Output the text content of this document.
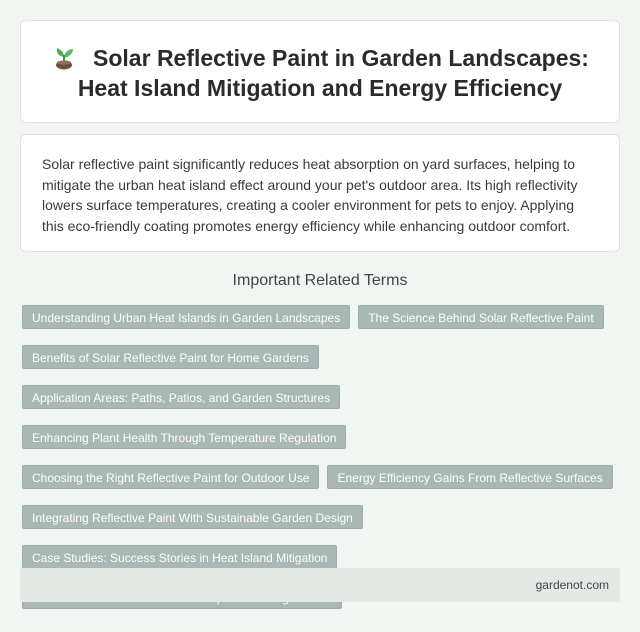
Solar Reflective Paint in Garden Landscapes: Heat Island Mitigation and Energy Efficiency

Solar reflective paint significantly reduces heat absorption on yard surfaces, helping to mitigate the urban heat island effect around your pet's outdoor area. Its high reflectivity lowers surface temperatures, creating a cooler environment for pets to enjoy. Applying this eco-friendly coating promotes energy efficiency while enhancing outdoor comfort.

Important Related Terms
Understanding Urban Heat Islands in Garden Landscapes	The Science Behind Solar Reflective Paint
Benefits of Solar Reflective Paint for Home Gardens
Application Areas: Paths, Patios, and Garden Structures
Enhancing Plant Health Through Temperature Regulation
Choosing the Right Reflective Paint for Outdoor Use	Energy Efficiency Gains From Reflective Surfaces
Integrating Reflective Paint With Sustainable Garden Design
Case Studies: Success Stories in Heat Island Mitigation
gardenot.com
